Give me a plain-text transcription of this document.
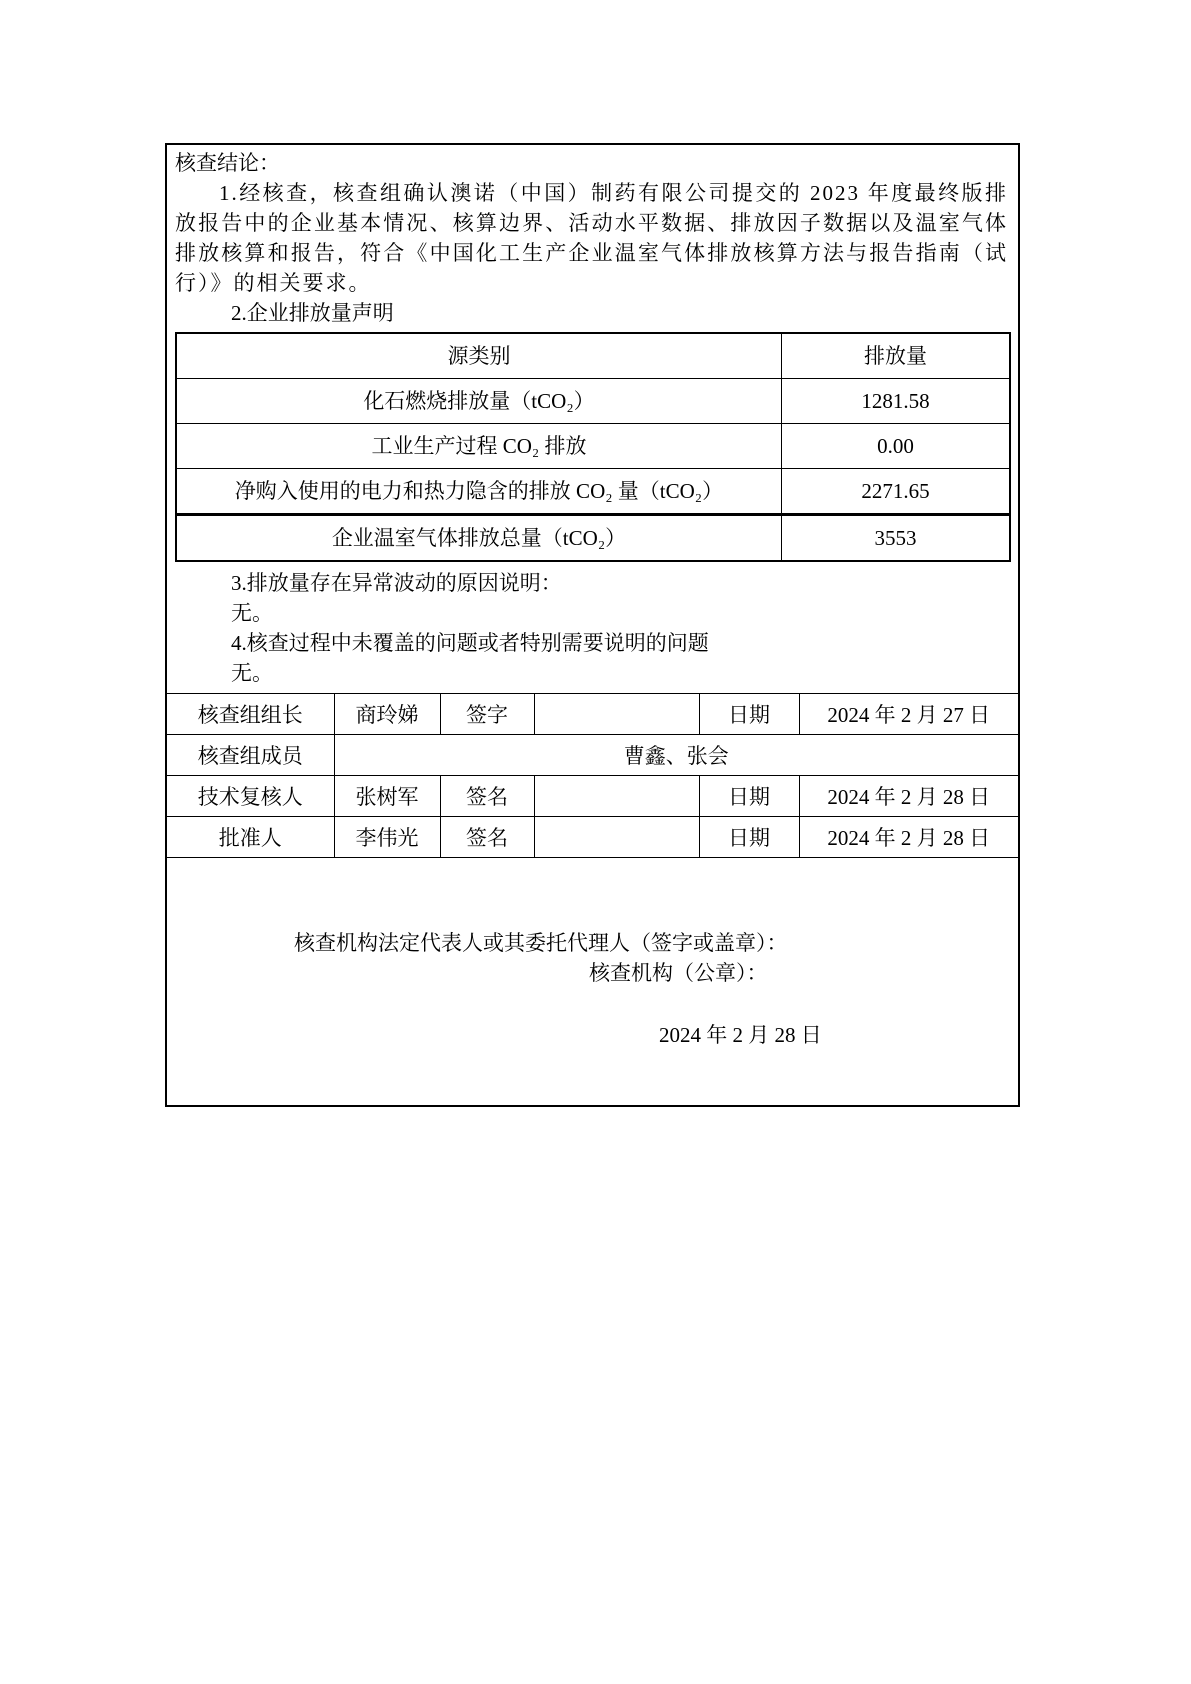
核查结论：
1.经核查，核查组确认澳诺（中国）制药有限公司提交的 2023 年度最终版排放报告中的企业基本情况、核算边界、活动水平数据、排放因子数据以及温室气体排放核算和报告，符合《中国化工生产企业温室气体排放核算方法与报告指南（试行）》的相关要求。
2.企业排放量声明
源类别	排放量
化石燃烧排放量（tCO₂）	1281.58
工业生产过程 CO₂ 排放	0.00
净购入使用的电力和热力隐含的排放 CO₂ 量（tCO₂）	2271.65
企业温室气体排放总量（tCO₂）	3553
3.排放量存在异常波动的原因说明：
无。
4.核查过程中未覆盖的问题或者特别需要说明的问题
无。
核查组组长	商玲娣	签字		日期	2024 年 2 月 27 日
核查组成员	曹鑫、张会				
技术复核人	张树军	签名		日期	2024 年 2 月 28 日
批准人	李伟光	签名		日期	2024 年 2 月 28 日
核查机构法定代表人或其委托代理人（签字或盖章）：
核查机构（公章）：
2024 年 2 月 28 日
